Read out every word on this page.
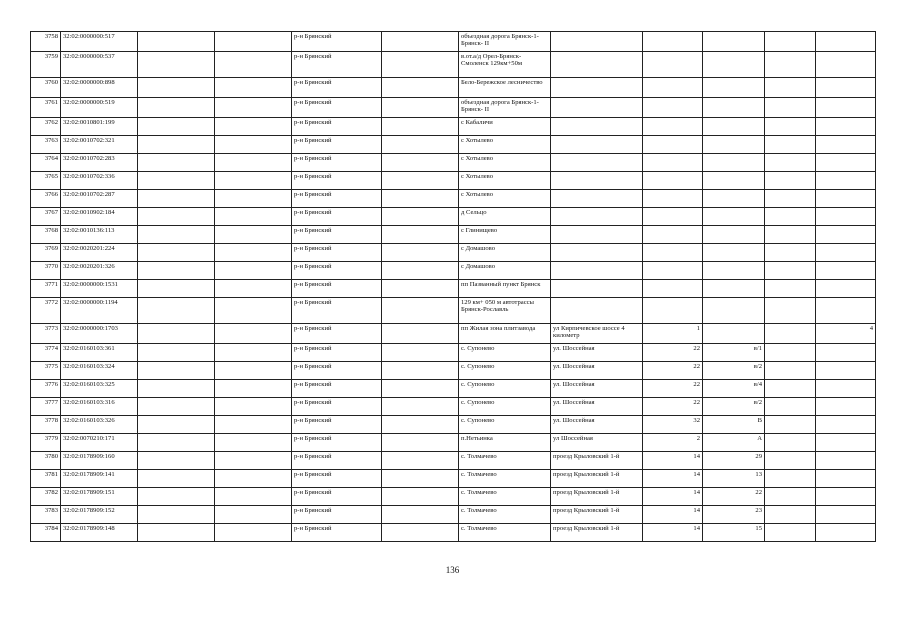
3758	32:02:0000000:517			р-н Брянский		объездная дорога Брянск-1- Брянск- II					
3759	32:02:0000000:537			р-н Брянский		в.от.а/д Орел-Брянск-Смоленск 129км+50м					
3760	32:02:0000000:898			р-н Брянский		Бело-Бережское лесничество					
3761	32:02:0000000:519			р-н Брянский		объездная дорога Брянск-1- Брянск- II					
3762	32:02:0010801:199			р-н Брянский		с Кабаличи					
3763	32:02:0010702:321			р-н Брянский		с Хотылево					
3764	32:02:0010702:283			р-н Брянский		с Хотылево					
3765	32:02:0010702:336			р-н Брянский		с Хотылево					
3766	32:02:0010702:287			р-н Брянский		с Хотылево					
3767	32:02:0010902:184			р-н Брянский		д Сельцо					
3768	32:02:0010136:113			р-н Брянский		с Глинищево					
3769	32:02:0020201:224			р-н Брянский		с Домашово					
3770	32:02:0020201:326			р-н Брянский		с Домашово					
3771	32:02:0000000:1531			р-н Брянский		пп Пазванный пункт Брянск					
3772	32:02:0000000:1194			р-н Брянский		129 км+ 050 м автотрассы Брянск-Рославль					
3773	32:02:0000000:1703			р-н Брянский		пп Жилая зона плитзавода	ул Кирпичевское шоссе 4 километр	1			4
3774	32:02:0160103:361			р-н Брянский		с. Супонево	ул. Шоссейная	22	в/1		
3775	32:02:0160103:324			р-н Брянский		с. Супонево	ул. Шоссейная	22	в/2		
3776	32:02:0160103:325			р-н Брянский		с. Супонево	ул. Шоссейная	22	в/4		
3777	32:02:0160103:316			р-н Брянский		с. Супонево	ул. Шоссейная	22	в/2		
3778	32:02:0160103:326			р-н Брянский		с. Супонево	ул. Шоссейная	32	В		
3779	32:02:0070210:171			р-н Брянский		п.Нетьинка	ул Шоссейная	2	А		
3780	32:02:0178909:160			р-н Брянский		с. Толмачево	проезд Крыловский 1-й	14	29		
3781	32:02:0178909:141			р-н Брянский		с. Толмачево	проезд Крыловский 1-й	14	13		
3782	32:02:0178909:151			р-н Брянский		с. Толмачево	проезд Крыловский 1-й	14	22		
3783	32:02:0178909:152			р-н Брянский		с. Толмачево	проезд Крыловский 1-й	14	23		
3784	32:02:0178909:148			р-н Брянский		с. Толмачево	проезд Крыловский 1-й	14	15		
136
